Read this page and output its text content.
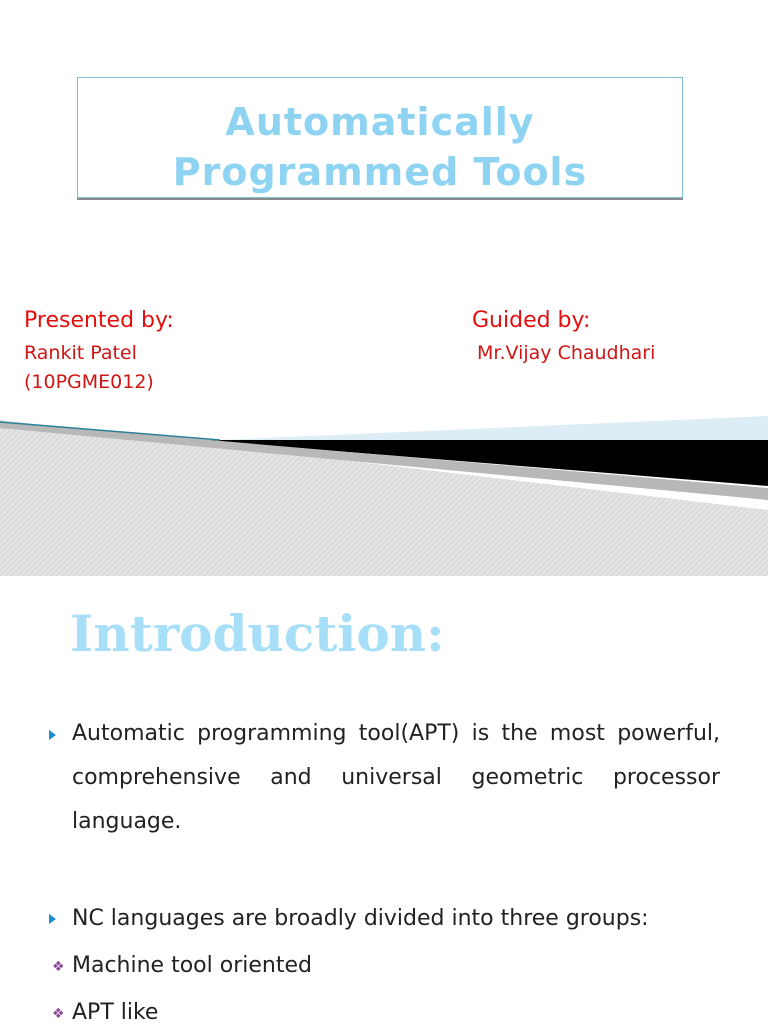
Automatically
Programmed Tools
Presented by:
Rankit Patel
(10PGME012)
Guided by:
Mr.Vijay Chaudhari
Introduction:
Automatic programming tool(APT) is the most powerful, comprehensive and universal geometric processor language.
NC languages are broadly divided into three groups:
❖ Machine tool oriented
❖ APT like
